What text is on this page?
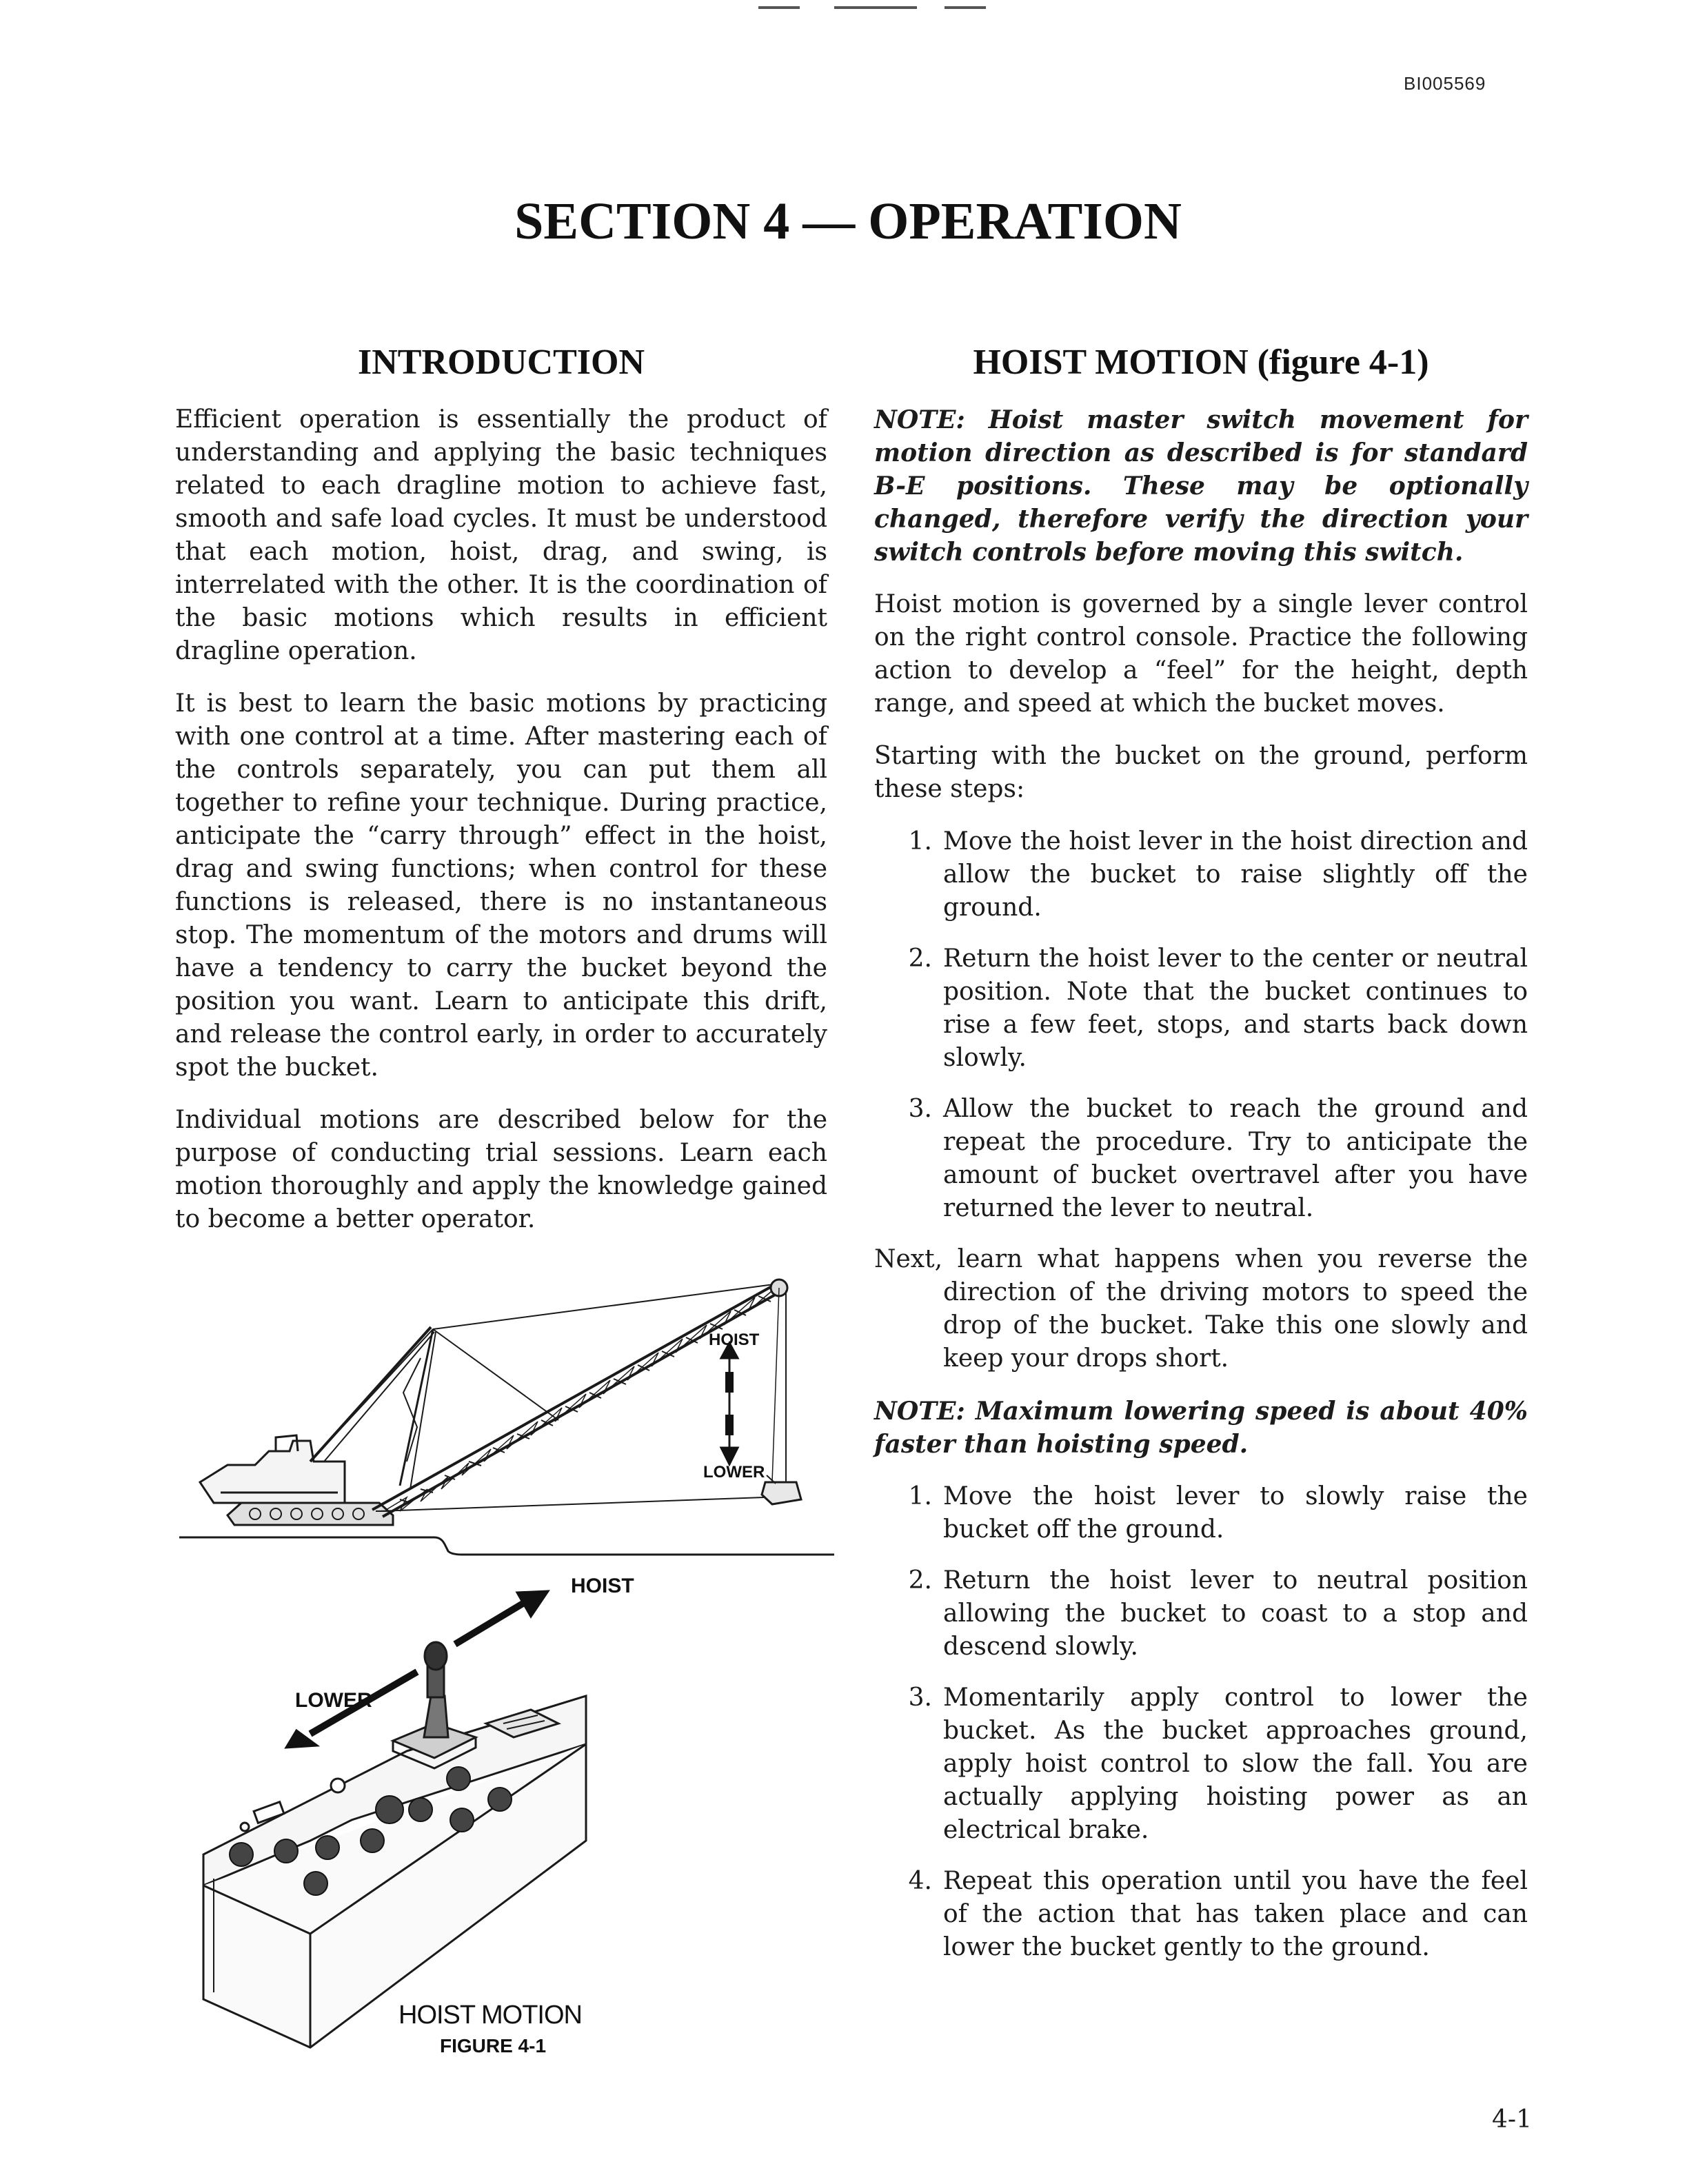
BI005569
SECTION 4 — OPERATION
INTRODUCTION

Efficient operation is essentially the product of understanding and applying the basic techniques related to each dragline motion to achieve fast, smooth and safe load cycles. It must be understood that each motion, hoist, drag, and swing, is interrelated with the other. It is the coordination of the basic motions which results in efficient dragline operation.

It is best to learn the basic motions by practicing with one control at a time. After mastering each of the controls separately, you can put them all together to refine your technique. During practice, anticipate the “carry through” effect in the hoist, drag and swing functions; when control for these functions is released, there is no instantaneous stop. The momentum of the motors and drums will have a tendency to carry the bucket beyond the position you want. Learn to anticipate this drift, and release the control early, in order to accurately spot the bucket.

Individual motions are described below for the purpose of conducting trial sessions. Learn each motion thoroughly and apply the knowledge gained to become a better operator.

HOIST
LOWER
HOIST
LOWER
HOIST MOTION
FIGURE 4-1
HOIST MOTION (figure 4-1)

NOTE: Hoist master switch movement for motion direction as described is for standard B-E positions. These may be optionally changed, therefore verify the direction your switch controls before moving this switch.

Hoist motion is governed by a single lever control on the right control console. Practice the following action to develop a “feel” for the height, depth range, and speed at which the bucket moves.

Starting with the bucket on the ground, perform these steps:

1. Move the hoist lever in the hoist direction and allow the bucket to raise slightly off the ground.
2. Return the hoist lever to the center or neutral position. Note that the bucket continues to rise a few feet, stops, and starts back down slowly.
3. Allow the bucket to reach the ground and repeat the procedure. Try to anticipate the amount of bucket overtravel after you have returned the lever to neutral.

Next, learn what happens when you reverse the direction of the driving motors to speed the drop of the bucket. Take this one slowly and keep your drops short.

NOTE: Maximum lowering speed is about 40% faster than hoisting speed.

1. Move the hoist lever to slowly raise the bucket off the ground.
2. Return the hoist lever to neutral position allowing the bucket to coast to a stop and descend slowly.
3. Momentarily apply control to lower the bucket. As the bucket approaches ground, apply hoist control to slow the fall. You are actually applying hoisting power as an electrical brake.
4. Repeat this operation until you have the feel of the action that has taken place and can lower the bucket gently to the ground.
4-1
